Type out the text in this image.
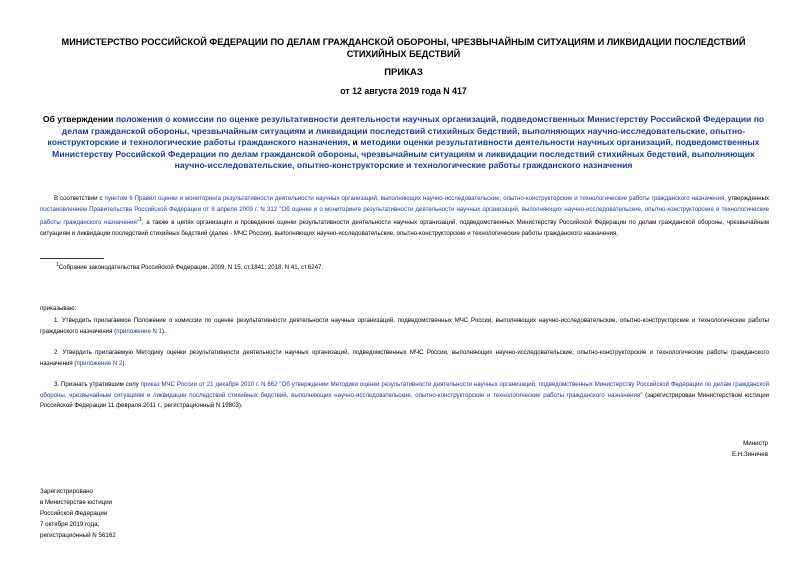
МИНИСТЕРСТВО РОССИЙСКОЙ ФЕДЕРАЦИИ ПО ДЕЛАМ ГРАЖДАНСКОЙ ОБОРОНЫ, ЧРЕЗВЫЧАЙНЫМ СИТУАЦИЯМ И ЛИКВИДАЦИИ ПОСЛЕДСТВИЙ СТИХИЙНЫХ БЕДСТВИЙ
ПРИКАЗ
от 12 августа 2019 года N 417
Об утверждении положения о комиссии по оценке результативности деятельности научных организаций, подведомственных Министерству Российской Федерации по делам гражданской обороны, чрезвычайным ситуациям и ликвидации последствий стихийных бедствий, выполняющих научно-исследовательские, опытно-конструкторские и технологические работы гражданского назначения, и методики оценки результативности деятельности научных организаций, подведомственных Министерству Российской Федерации по делам гражданской обороны, чрезвычайным ситуациям и ликвидации последствий стихийных бедствий, выполняющих научно-исследовательские, опытно-конструкторские и технологические работы гражданского назначения
В соответствии с пунктом 6 Правил оценки и мониторинга результативности деятельности научных организаций, выполняющих научно-исследовательские, опытно-конструкторские и технологические работы гражданского назначения, утвержденных постановлением Правительства Российской Федерации от 8 апреля 2009 г. N 312 "Об оценке и о мониторинге результативности деятельности научных организаций, выполняющих научно-исследовательские, опытно-конструкторские и технологические работы гражданского назначения"$^1$, а также в целях организации и проведения оценки результативности деятельности научных организаций, подведомственных Министерству Российской Федерации по делам гражданской обороны, чрезвычайным ситуациям и ликвидации последствий стихийных бедствий (далее - МЧС России), выполняющих научно-исследовательские, опытно-конструкторские и технологические работы гражданского назначения,
$^1$Собрание законодательства Российской Федерации, 2009, N 15, ст.1841; 2018, N 41, ст.6247.
приказываю:
1. Утвердить прилагаемое Положение о комиссии по оценке результативности деятельности научных организаций, подведомственных МЧС России, выполняющих научно-исследовательские, опытно-конструкторские и технологические работы гражданского назначения (приложение N 1).
2. Утвердить прилагаемую Методику оценки результативности деятельности научных организаций, подведомственных МЧС России, выполняющих научно-исследовательские, опытно-конструкторские и технологические работы гражданского назначения (приложение N 2).
3. Признать утратившим силу приказ МЧС России от 21 декабря 2010 г. N 662 "Об утверждении Методики оценки результативности деятельности научных организаций, подведомственных Министерству Российской Федерации по делам гражданской обороны, чрезвычайным ситуациям и ликвидации последствий стихийных бедствий, выполняющих научно-исследовательские, опытно-конструкторские и технологические работы гражданского назначения" (зарегистрирован Министерством юстиции Российской Федерации 11 февраля 2011 г., регистрационный N 19803).
Министр
Е.Н.Зиничев
Зарегистрировано
в Министерстве юстиции
Российской Федерации
7 октября 2019 года,
регистрационный N 56162
